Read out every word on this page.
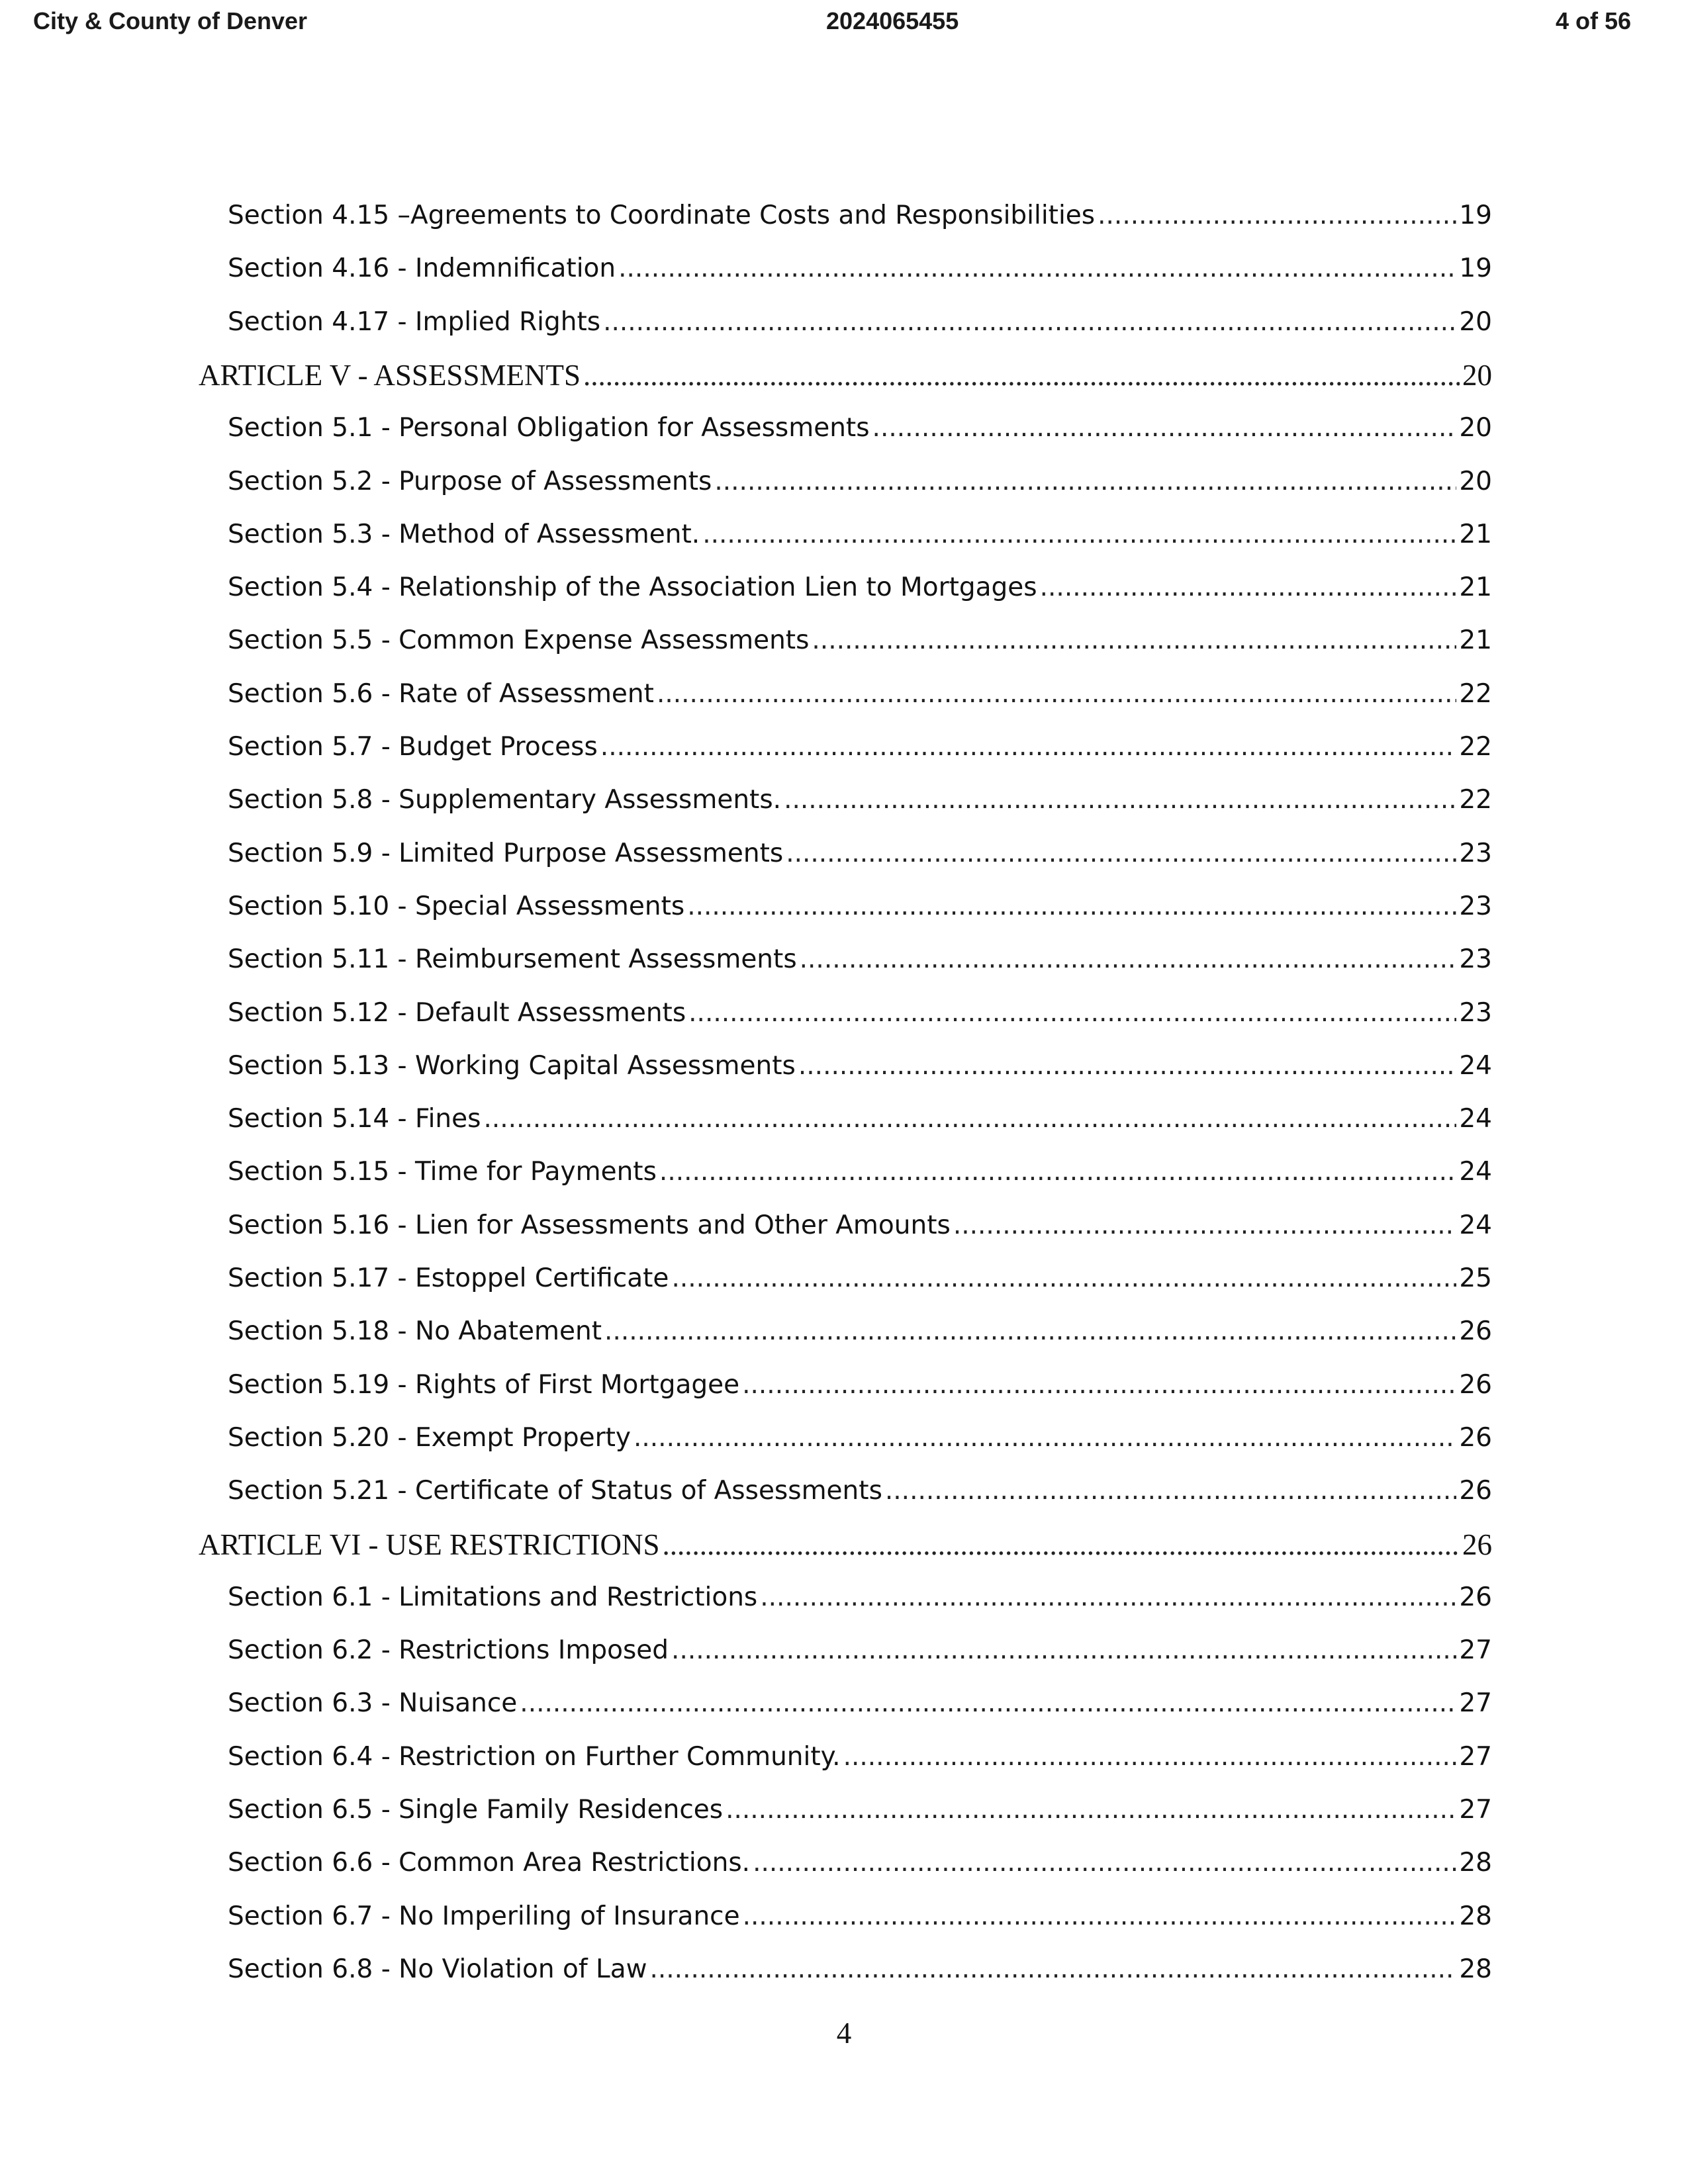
City & County of Denver	2024065455	4 of 56
Section 4.15 –Agreements to Coordinate Costs and Responsibilities .....	19
Section 4.16 - Indemnification .....	19
Section 4.17 - Implied Rights .....	20
ARTICLE V - ASSESSMENTS .....	20
Section 5.1 - Personal Obligation for Assessments .....	20
Section 5.2 - Purpose of Assessments .....	20
Section 5.3 - Method of Assessment. .....	21
Section 5.4 - Relationship of the Association Lien to Mortgages .....	21
Section 5.5 - Common Expense Assessments .....	21
Section 5.6 - Rate of Assessment .....	22
Section 5.7 - Budget Process .....	22
Section 5.8 - Supplementary Assessments. .....	22
Section 5.9 - Limited Purpose Assessments .....	23
Section 5.10 - Special Assessments .....	23
Section 5.11 - Reimbursement Assessments .....	23
Section 5.12 - Default Assessments .....	23
Section 5.13 - Working Capital Assessments .....	24
Section 5.14 - Fines .....	24
Section 5.15 - Time for Payments .....	24
Section 5.16 - Lien for Assessments and Other Amounts .....	24
Section 5.17 - Estoppel Certificate .....	25
Section 5.18 - No Abatement .....	26
Section 5.19 - Rights of First Mortgagee .....	26
Section 5.20 - Exempt Property .....	26
Section 5.21 - Certificate of Status of Assessments .....	26
ARTICLE VI - USE RESTRICTIONS .....	26
Section 6.1 - Limitations and Restrictions .....	26
Section 6.2 - Restrictions Imposed .....	27
Section 6.3 - Nuisance .....	27
Section 6.4 - Restriction on Further Community. .....	27
Section 6.5 - Single Family Residences .....	27
Section 6.6 - Common Area Restrictions. .....	28
Section 6.7 - No Imperiling of Insurance .....	28
Section 6.8 - No Violation of Law .....	28
4
